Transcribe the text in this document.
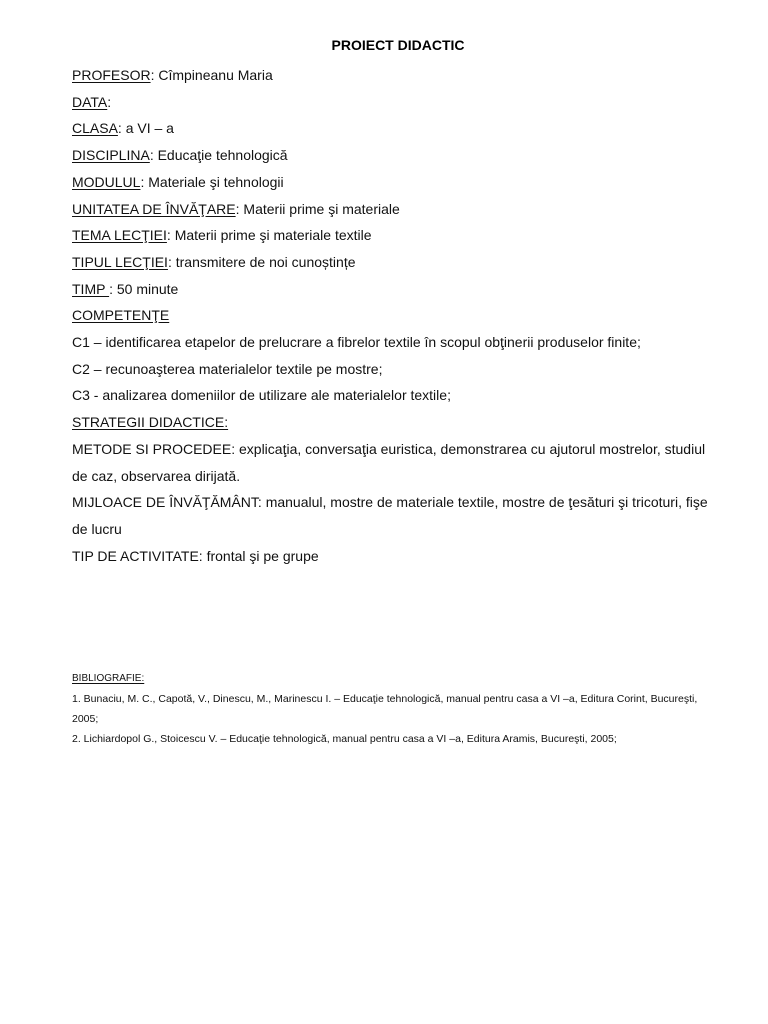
PROIECT DIDACTIC
PROFESOR: Cîmpineanu Maria
DATA:
CLASA: a VI – a
DISCIPLINA: Educaţie tehnologică
MODULUL: Materiale şi tehnologii
UNITATEA DE ÎNVĂŢARE: Materii prime şi materiale
TEMA LECŢIEI: Materii prime şi materiale textile
TIPUL LECŢIEI: transmitere de noi cunoștințe
TIMP : 50 minute
COMPETENŢE
C1 – identificarea etapelor de prelucrare a fibrelor textile în scopul obţinerii produselor finite;
C2 – recunoaşterea materialelor textile pe mostre;
C3 - analizarea domeniilor de utilizare ale materialelor textile;
STRATEGII DIDACTICE:
METODE SI PROCEDEE: explicaţia, conversaţia euristica, demonstrarea cu ajutorul mostrelor, studiul de caz, observarea dirijată.
MIJLOACE DE ÎNVĂŢĂMÂNT: manualul, mostre de materiale textile, mostre de ţesături şi tricoturi, fişe de lucru
TIP DE ACTIVITATE: frontal şi pe grupe
BIBLIOGRAFIE:
1. Bunaciu, M. C., Capotă, V., Dinescu, M., Marinescu I. – Educaţie tehnologică, manual pentru casa a VI –a, Editura Corint, Bucureşti, 2005;
2. Lichiardopol G., Stoicescu V. – Educaţie tehnologică, manual pentru casa a VI –a, Editura Aramis, Bucureşti, 2005;
